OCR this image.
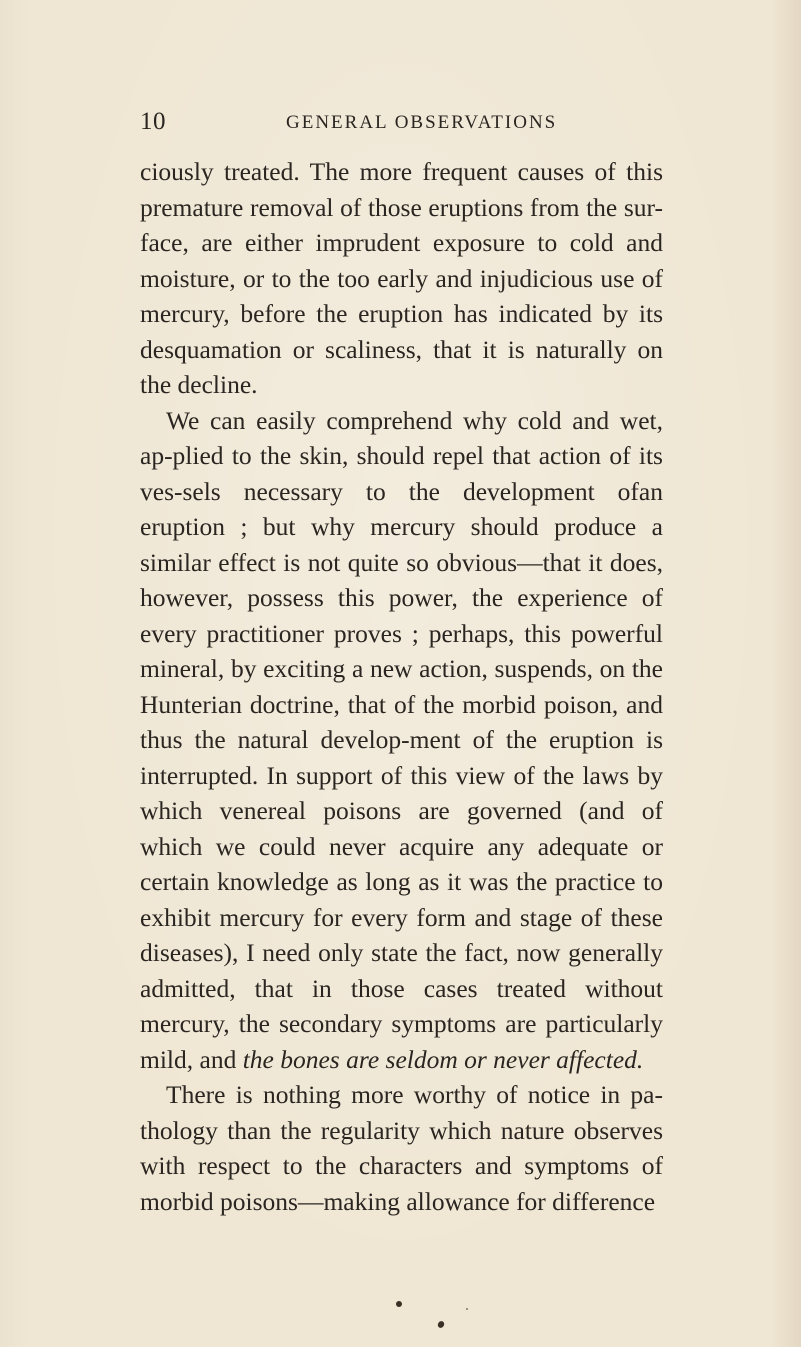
10	GENERAL OBSERVATIONS

ciously treated. The more frequent causes of this premature removal of those eruptions from the sur-face, are either imprudent exposure to cold and moisture, or to the too early and injudicious use of mercury, before the eruption has indicated by its desquamation or scaliness, that it is naturally on the decline.

We can easily comprehend why cold and wet, ap-plied to the skin, should repel that action of its ves-sels necessary to the development ofan eruption ; but why mercury should produce a similar effect is not quite so obvious—that it does, however, possess this power, the experience of every practitioner proves ; perhaps, this powerful mineral, by exciting a new action, suspends, on the Hunterian doctrine, that of the morbid poison, and thus the natural develop-ment of the eruption is interrupted. In support of this view of the laws by which venereal poisons are governed (and of which we could never acquire any adequate or certain knowledge as long as it was the practice to exhibit mercury for every form and stage of these diseases), I need only state the fact, now generally admitted, that in those cases treated without mercury, the secondary symptoms are particularly mild, and the bones are seldom or never affected.

There is nothing more worthy of notice in pa-thology than the regularity which nature observes with respect to the characters and symptoms of morbid poisons—making allowance for difference
